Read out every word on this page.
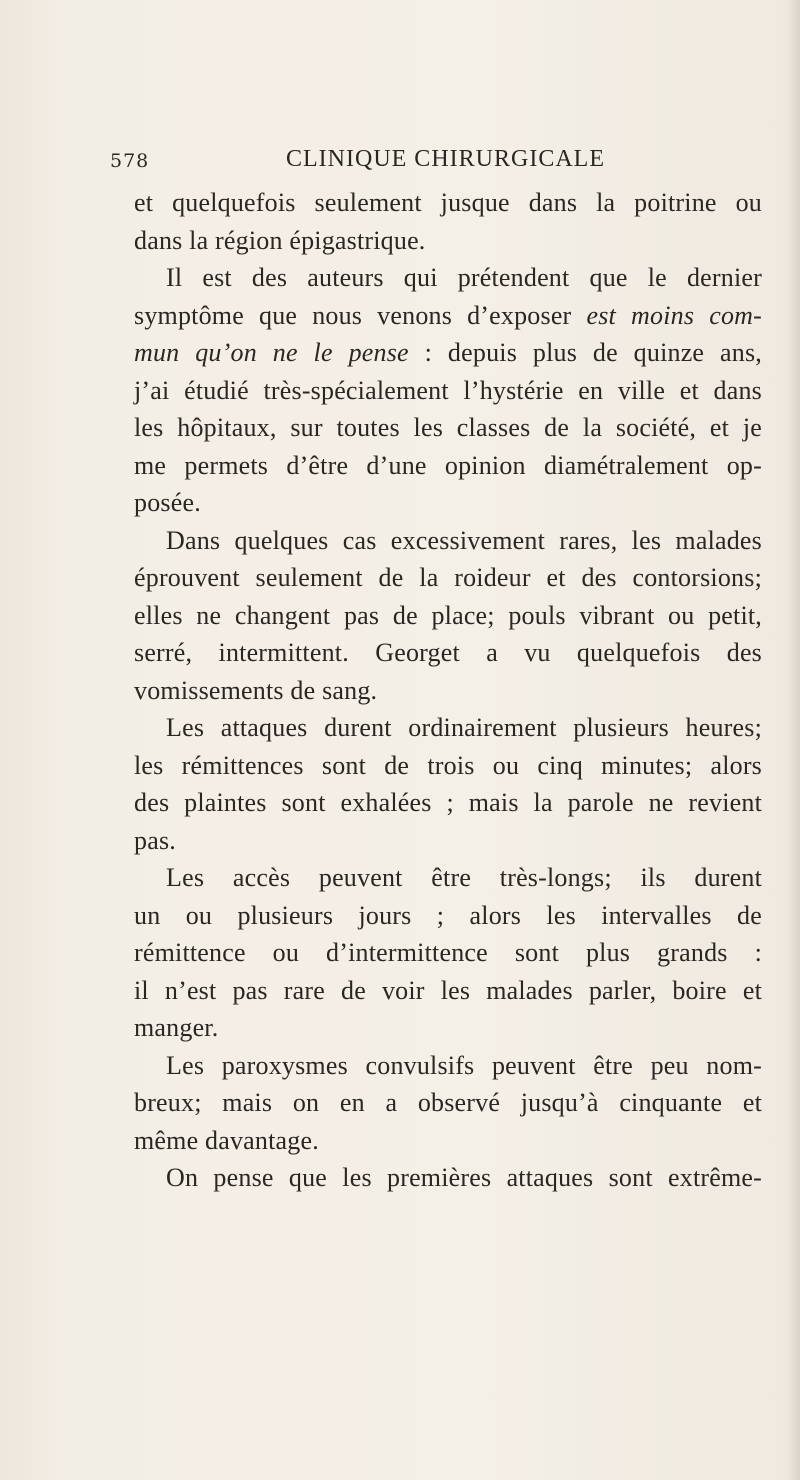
578	CLINIQUE CHIRURGICALE
et quelquefois seulement jusque dans la poitrine ou
dans la région épigastrique.
Il est des auteurs qui prétendent que le dernier
symptôme que nous venons d’exposer est moins com-
mun qu’on ne le pense : depuis plus de quinze ans,
j’ai étudié très-spécialement l’hystérie en ville et dans
les hôpitaux, sur toutes les classes de la société, et je
me permets d’être d’une opinion diamétralement op-
posée.
Dans quelques cas excessivement rares, les malades
éprouvent seulement de la roideur et des contorsions;
elles ne changent pas de place; pouls vibrant ou petit,
serré, intermittent. Georget a vu quelquefois des
vomissements de sang.
Les attaques durent ordinairement plusieurs heures;
les rémittences sont de trois ou cinq minutes; alors
des plaintes sont exhalées ; mais la parole ne revient
pas.
Les accès peuvent être très-longs; ils durent
un ou plusieurs jours ; alors les intervalles de
rémittence ou d’intermittence sont plus grands :
il n’est pas rare de voir les malades parler, boire et
manger.
Les paroxysmes convulsifs peuvent être peu nom-
breux; mais on en a observé jusqu’à cinquante et
même davantage.
On pense que les premières attaques sont extrême-
